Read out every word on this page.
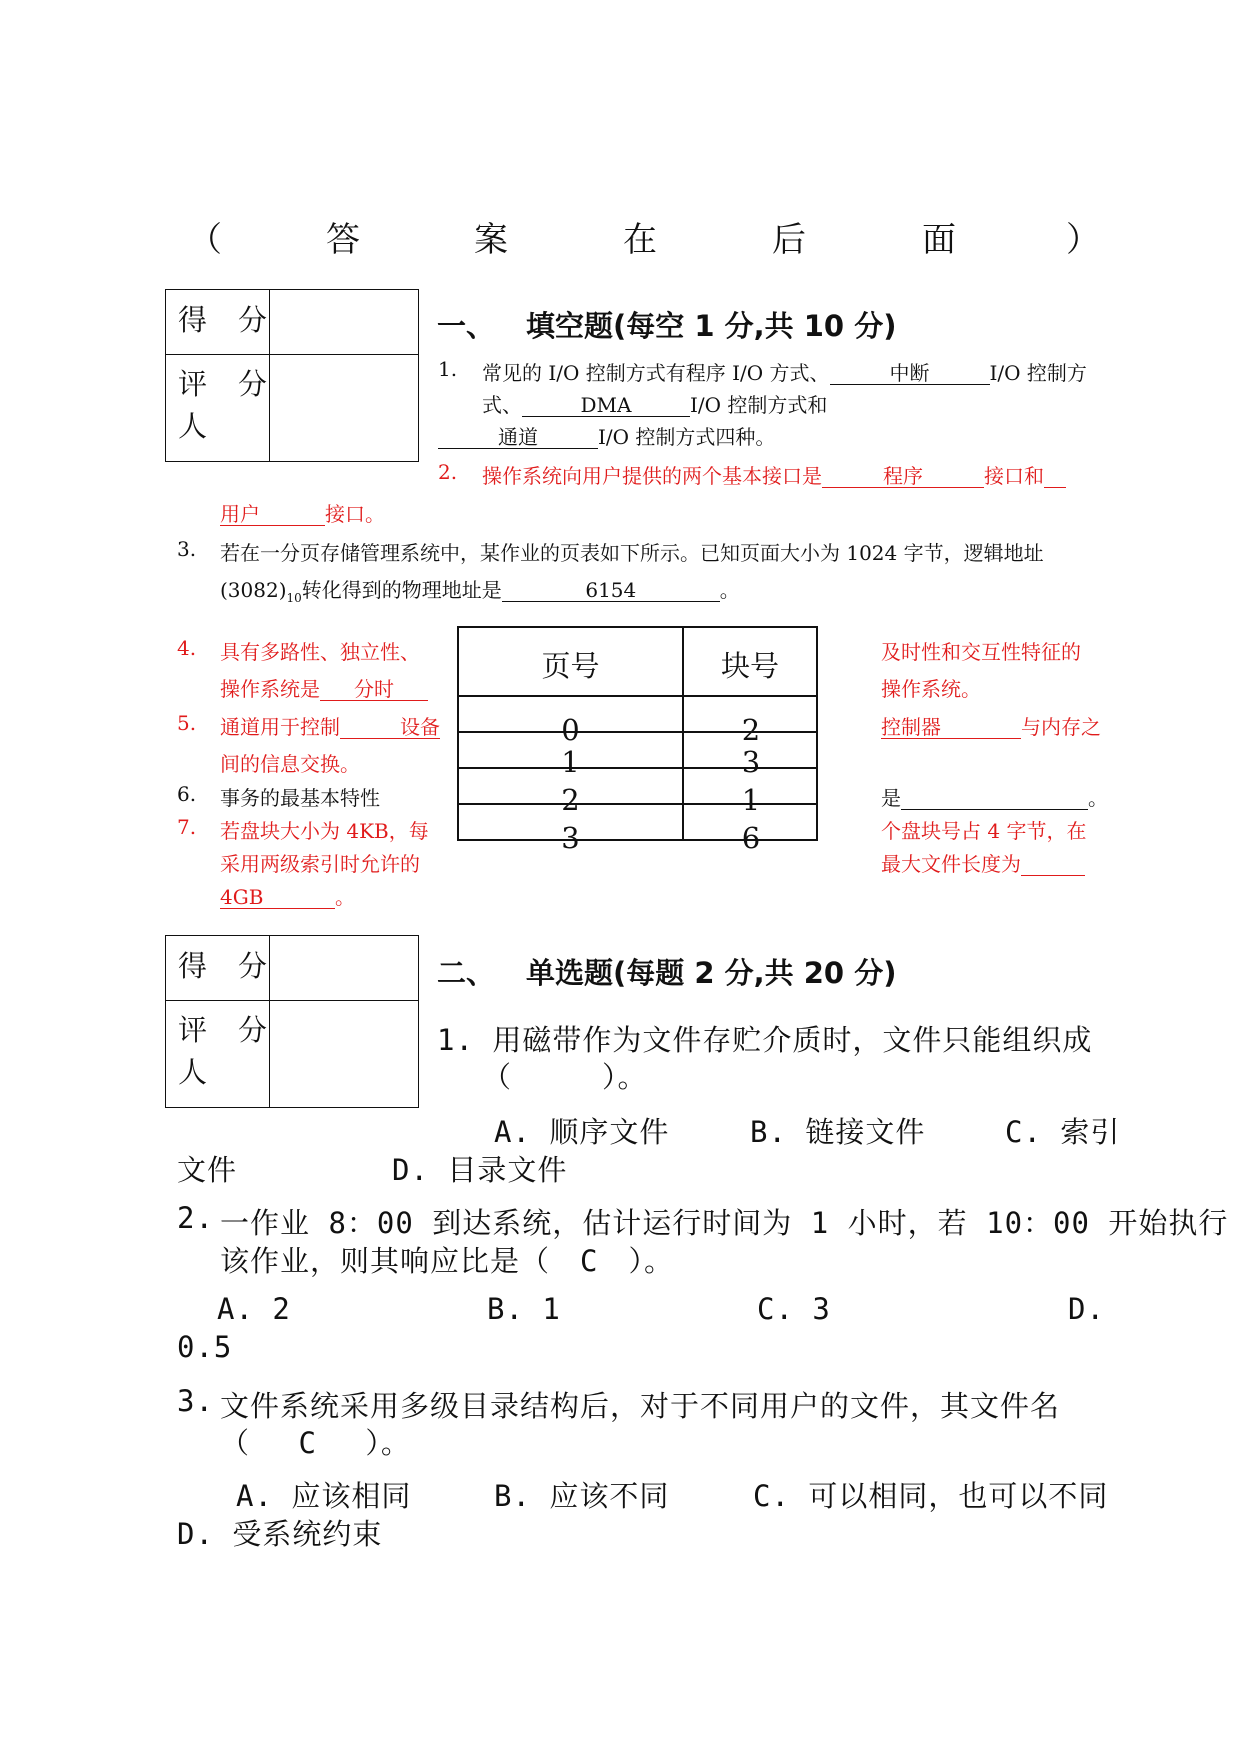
（	答	案	在	后	面	）
得　分
评　分
人
一、 填空题(每空 1 分,共 10 分)
1. 常见的 I/O 控制方式有程序 I/O 方式、	中断	I/O 控制方
式、	DMA	I/O 控制方式和
通道	I/O 控制方式四种。
2. 操作系统向用户提供的两个基本接口是	程序	接口和
用户	接口。
3. 若在一分页存储管理系统中，某作业的页表如下所示。已知页面大小为 1024 字节，逻辑地址
$(3082)_{10}$转化得到的物理地址是	6154	。
页号	块号
0	2
1	3
2	1
3	6
4. 具有多路性、独立性、
操作系统是 分时
及时性和交互性特征的
操作系统。
5. 通道用于控制	设备
间的信息交换。
控制器	与内存之
6. 事务的最基本特性	是	。
7. 若盘块大小为 4KB，每
采用两级索引时允许的
4GB	。
个盘块号占 4 字节，在
最大文件长度为
得　分
评　分
人
二、 单选题(每题 2 分,共 20 分)
1. 用磁带作为文件存贮介质时，文件只能组织成
（　　　）。
A. 顺序文件	B. 链接文件	C. 索引
文件	D. 目录文件
2. 一作业 8：00 到达系统，估计运行时间为 1 小时，若 10：00 开始执行
该作业，则其响应比是（　C　）。
A. 2	B. 1	C. 3	D.
0.5
3. 文件系统采用多级目录结构后，对于不同用户的文件，其文件名
（　 C　 ）。
A. 应该相同	B. 应该不同	C. 可以相同，也可以不同
D. 受系统约束
